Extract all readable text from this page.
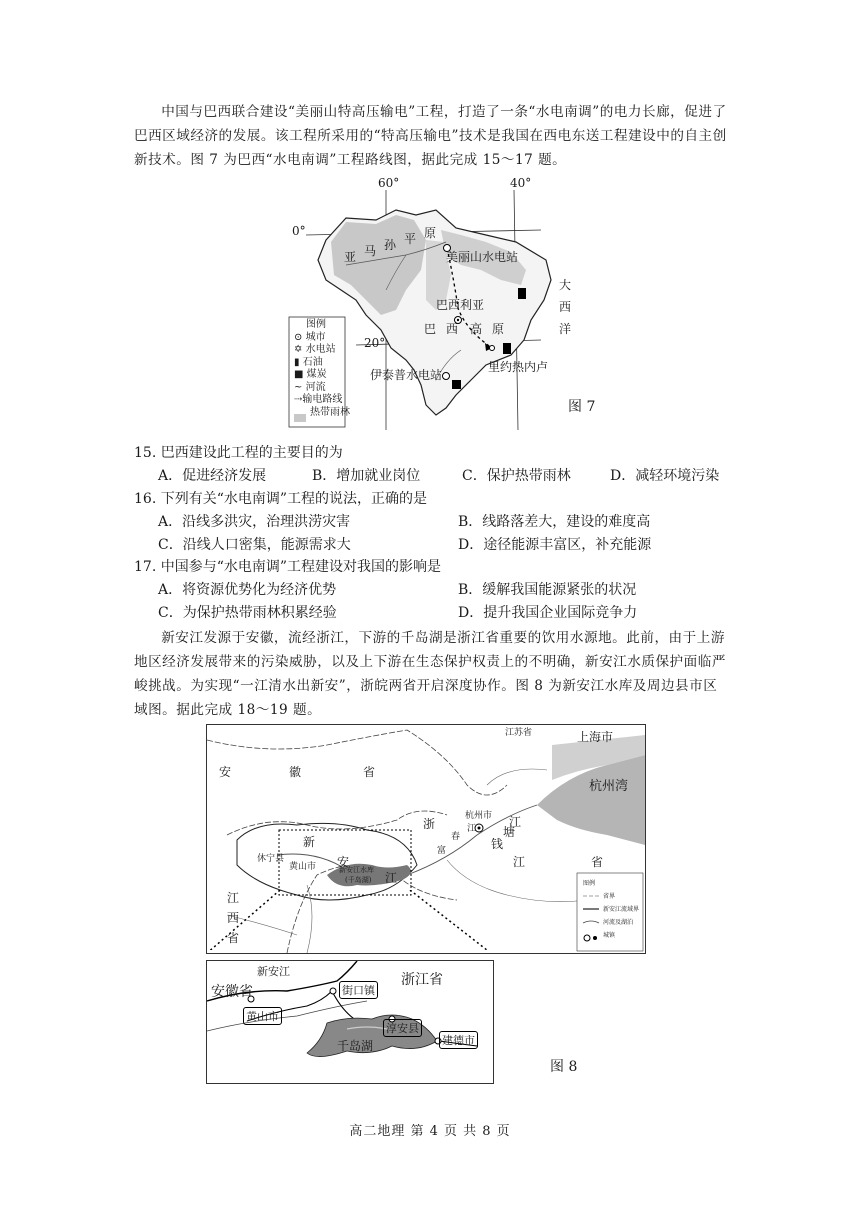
中国与巴西联合建设“美丽山特高压输电”工程，打造了一条“水电南调”的电力长廊，促进了巴西区域经济的发展。该工程所采用的“特高压输电”技术是我国在西电东送工程建设中的自主创新技术。图 7 为巴西“水电南调”工程路线图，据此完成 15～17 题。

60°	40°
0°
20°
亚 马 孙 平 原
美丽山水电站
巴西利亚
巴 西 高 原
伊泰普水电站
里约热内卢
大
西
洋
图例
⊙ 城市
✡ 水电站
▮ 石油
■ 煤炭
~ 河流
⇢输电路线
热带雨林	图 7
15. 巴西建设此工程的主要目的为
A．促进经济发展	B．增加就业岗位	C．保护热带雨林	D．减轻环境污染
16. 下列有关“水电南调”工程的说法，正确的是
A．沿线多洪灾，治理洪涝灾害	B．线路落差大，建设的难度高
C．沿线人口密集，能源需求大	D．途径能源丰富区，补充能源
17. 中国参与“水电南调”工程建设对我国的影响是
A．将资源优势化为经济优势	B．缓解我国能源紧张的状况
C．为保护热带雨林积累经验	D．提升我国企业国际竞争力

新安江发源于安徽，流经浙江，下游的千岛湖是浙江省重要的饮用水源地。此前，由于上游地区经济发展带来的污染威胁，以及上下游在生态保护权责上的不明确，新安江水质保护面临严峻挑战。为实现“一江清水出新安”，浙皖两省开启深度协作。图 8 为新安江水库及周边县市区域图。据此完成 18～19 题。

江苏省	上海市
安	徽	省
杭州湾
杭州市 江
钱
塘
浙
江	省
富
春
江
新
安
江
休宁县
黄山市	新安江水库
(千岛湖)
江
西
省
图例
省界
新安江流域界
河流及湖泊
城镇
新安江
安徽省
浙江省
街口镇
黄山市
淳安县
千岛湖	建德市
图 8
高二地理 第 4 页 共 8 页
